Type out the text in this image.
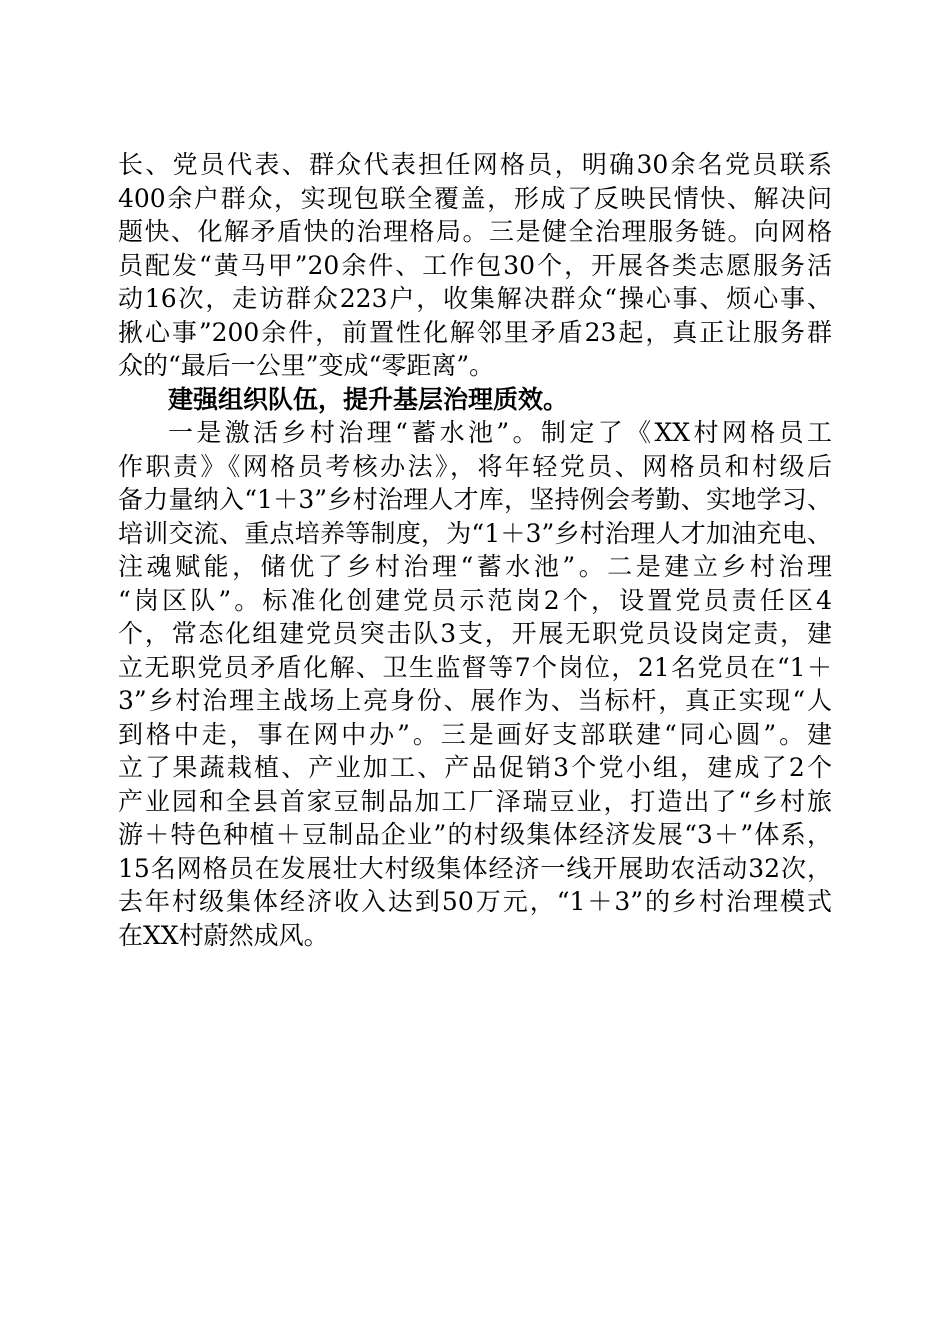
长、党员代表、群众代表担任网格员，明确30余名党员联系
400余户群众，实现包联全覆盖，形成了反映民情快、解决问
题快、化解矛盾快的治理格局。三是健全治理服务链。向网格
员配发“黄马甲”20余件、工作包30个，开展各类志愿服务活
动16次，走访群众223户，收集解决群众“操心事、烦心事、
揪心事”200余件，前置性化解邻里矛盾23起，真正让服务群
众的“最后一公里”变成“零距离”。
建强组织队伍，提升基层治理质效。
一是激活乡村治理“蓄水池”。制定了《XX村网格员工
作职责》《网格员考核办法》，将年轻党员、网格员和村级后
备力量纳入“1＋3”乡村治理人才库，坚持例会考勤、实地学习、
培训交流、重点培养等制度，为“1＋3”乡村治理人才加油充电、
注魂赋能，储优了乡村治理“蓄水池”。二是建立乡村治理
“岗区队”。标准化创建党员示范岗2个，设置党员责任区4
个，常态化组建党员突击队3支，开展无职党员设岗定责，建
立无职党员矛盾化解、卫生监督等7个岗位，21名党员在“1＋
3”乡村治理主战场上亮身份、展作为、当标杆，真正实现“人
到格中走，事在网中办”。三是画好支部联建“同心圆”。建
立了果蔬栽植、产业加工、产品促销3个党小组，建成了2个
产业园和全县首家豆制品加工厂泽瑞豆业，打造出了“乡村旅
游＋特色种植＋豆制品企业”的村级集体经济发展“3＋”体系，
15名网格员在发展壮大村级集体经济一线开展助农活动32次，
去年村级集体经济收入达到50万元，“1＋3”的乡村治理模式
在XX村蔚然成风。
